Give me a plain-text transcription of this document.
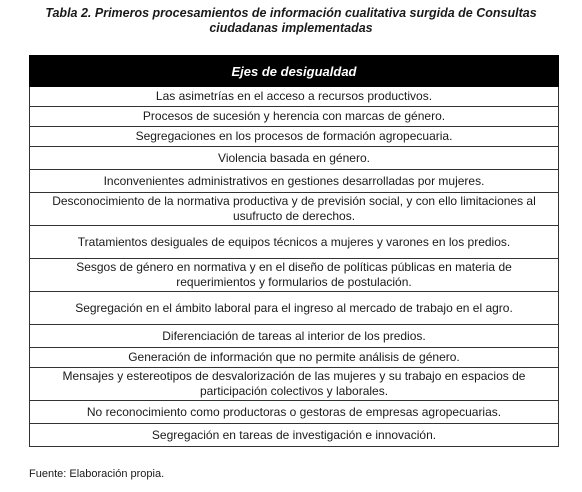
Tabla 2. Primeros procesamientos de información cualitativa surgida de Consultas
ciudadanas implementadas
Ejes de desigualdad
Las asimetrías en el acceso a recursos productivos.
Procesos de sucesión y herencia con marcas de género.
Segregaciones en los procesos de formación agropecuaria.
Violencia basada en género.
Inconvenientes administrativos en gestiones desarrolladas por mujeres.
Desconocimiento de la normativa productiva y de previsión social, y con ello limitaciones al usufructo de derechos.
Tratamientos desiguales de equipos técnicos a mujeres y varones en los predios.
Sesgos de género en normativa y en el diseño de políticas públicas en materia de requerimientos y formularios de postulación.
Segregación en el ámbito laboral para el ingreso al mercado de trabajo en el agro.
Diferenciación de tareas al interior de los predios.
Generación de información que no permite análisis de género.
Mensajes y estereotipos de desvalorización de las mujeres y su trabajo en espacios de participación colectivos y laborales.
No reconocimiento como productoras o gestoras de empresas agropecuarias.
Segregación en tareas de investigación e innovación.
Fuente: Elaboración propia.
